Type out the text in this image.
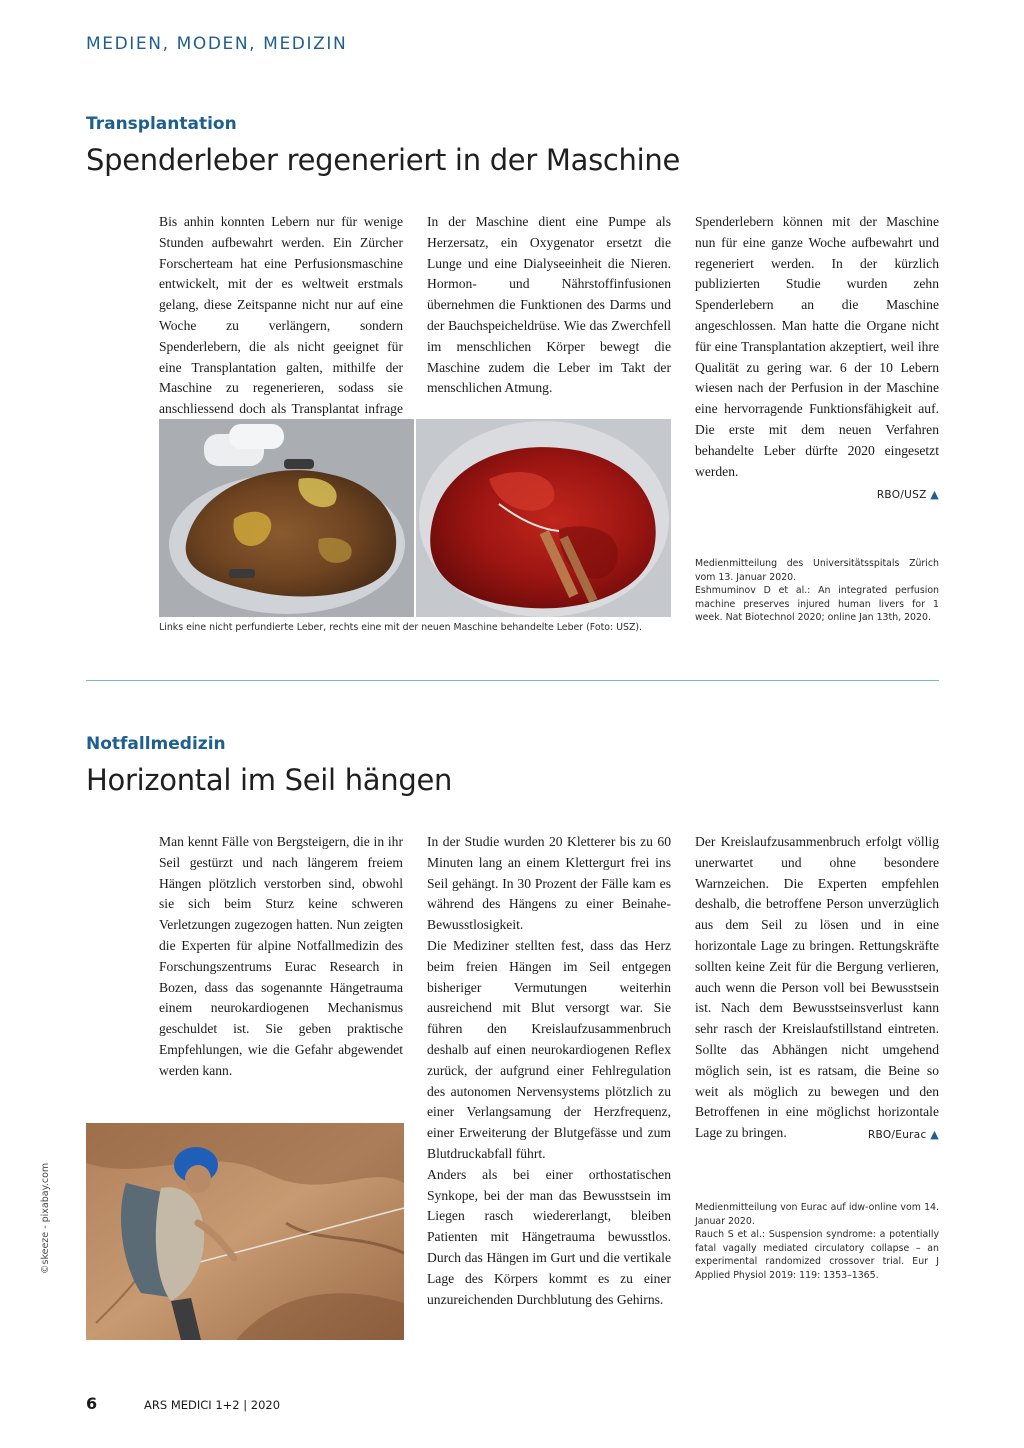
MEDIEN, MODEN, MEDIZIN
Transplantation
Spenderleber regeneriert in der Maschine

Bis anhin konnten Lebern nur für wenige Stunden aufbewahrt werden. Ein Zürcher Forscherteam hat eine Perfusionsmaschine entwickelt, mit der es weltweit erstmals gelang, diese Zeitspanne nicht nur auf eine Woche zu verlängern, sondern Spenderlebern, die als nicht geeignet für eine Transplantation galten, mithilfe der Maschine zu regenerieren, sodass sie anschliessend doch als Transplantat infrage

In der Maschine dient eine Pumpe als Herzersatz, ein Oxygenator ersetzt die Lunge und eine Dialyseeinheit die Nieren. Hormon- und Nährstoffinfusionen übernehmen die Funktionen des Darms und der Bauchspeicheldrüse. Wie das Zwerchfell im menschlichen Körper bewegt die Maschine zudem die Leber im Takt der menschlichen Atmung.

Spenderlebern können mit der Maschine nun für eine ganze Woche aufbewahrt und regeneriert werden. In der kürzlich publizierten Studie wurden zehn Spenderlebern an die Maschine angeschlossen. Man hatte die Organe nicht für eine Transplantation akzeptiert, weil ihre Qualität zu gering war. 6 der 10 Lebern wiesen nach der Perfusion in der Maschine eine hervorragende Funktionsfähigkeit auf. Die erste mit dem neuen Verfahren behandelte Leber dürfte 2020 eingesetzt werden.

RBO/USZ ▲
Links eine nicht perfundierte Leber, rechts eine mit der neuen Maschine behandelte Leber (Foto: USZ).

Medienmitteilung des Universitätsspitals Zürich vom 13. Januar 2020.

Eshmuminov D et al.: An integrated perfusion machine preserves injured human livers for 1 week. Nat Biotechnol 2020; online Jan 13th, 2020.

Notfallmedizin
Horizontal im Seil hängen

Man kennt Fälle von Bergsteigern, die in ihr Seil gestürzt und nach längerem freiem Hängen plötzlich verstorben sind, obwohl sie sich beim Sturz keine schweren Verletzungen zugezogen hatten. Nun zeigten die Experten für alpine Notfallmedizin des Forschungszentrums Eurac Research in Bozen, dass das sogenannte Hängetrauma einem neurokardiogenen Mechanismus geschuldet ist. Sie geben praktische Empfehlungen, wie die Gefahr abgewendet werden kann.

In der Studie wurden 20 Kletterer bis zu 60 Minuten lang an einem Klettergurt frei ins Seil gehängt. In 30 Prozent der Fälle kam es während des Hängens zu einer Beinahe-Bewusstlosigkeit.

Die Mediziner stellten fest, dass das Herz beim freien Hängen im Seil entgegen bisheriger Vermutungen weiterhin ausreichend mit Blut versorgt war. Sie führen den Kreislaufzusammenbruch deshalb auf einen neurokardiogenen Reflex zurück, der aufgrund einer Fehlregulation des autonomen Nervensystems plötzlich zu einer Verlangsamung der Herzfrequenz, einer Erweiterung der Blutgefässe und zum Blutdruckabfall führt.

Anders als bei einer orthostatischen Synkope, bei der man das Bewusstsein im Liegen rasch wiedererlangt, bleiben Patienten mit Hängetrauma bewusstlos. Durch das Hängen im Gurt und die vertikale Lage des Körpers kommt es zu einer unzureichenden Durchblutung des Gehirns.

Der Kreislaufzusammenbruch erfolgt völlig unerwartet und ohne besondere Warnzeichen. Die Experten empfehlen deshalb, die betroffene Person unverzüglich aus dem Seil zu lösen und in eine horizontale Lage zu bringen. Rettungskräfte sollten keine Zeit für die Bergung verlieren, auch wenn die Person voll bei Bewusstsein ist. Nach dem Bewusstseinsverlust kann sehr rasch der Kreislaufstillstand eintreten. Sollte das Abhängen nicht umgehend möglich sein, ist es ratsam, die Beine so weit als möglich zu bewegen und den Betroffenen in eine möglichst horizontale Lage zu bringen.	RBO/Eurac ▲
©skeeze - pixabay.com	Medienmitteilung von Eurac auf idw-online vom 14. Januar 2020.

Rauch S et al.: Suspension syndrome: a potentially fatal vagally mediated circulatory collapse – an experimental randomized crossover trial. Eur J Applied Physiol 2019: 119: 1353–1365.

6	ARS MEDICI 1+2 | 2020
